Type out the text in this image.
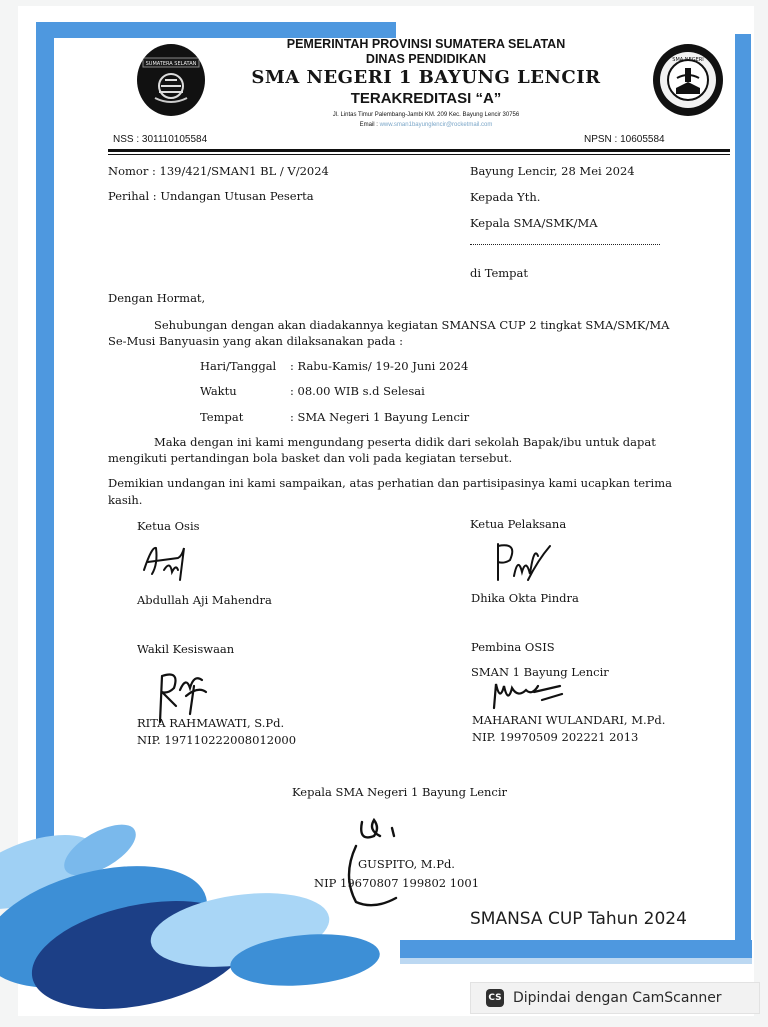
SUMATERA SELATAN
SMA NEGERI
PEMERINTAH PROVINSI SUMATERA SELATAN
DINAS PENDIDIKAN
SMA NEGERI 1 BAYUNG LENCIR
TERAKREDITASI “A”
Jl. Lintas Timur Palembang-Jambi KM. 209 Kec. Bayung Lencir 30756
Email : www.sman1bayunglencir@rocketmail.com
NSS : 301110105584	NPSN : 10605584
Nomor : 139/421/SMAN1 BL / V/2024
Perihal : Undangan Utusan Peserta
Bayung Lencir, 28 Mei 2024
Kepada Yth.
Kepala SMA/SMK/MA
di Tempat
Dengan Hormat,
Sehubungan dengan akan diadakannya kegiatan SMANSA CUP 2 tingkat SMA/SMK/MA
Se-Musi Banyuasin yang akan dilaksanakan pada :
Hari/Tanggal : Rabu-Kamis/ 19-20 Juni 2024
Waktu	: 08.00 WIB s.d Selesai
Tempat	: SMA Negeri 1 Bayung Lencir
Maka dengan ini kami mengundang peserta didik dari sekolah Bapak/ibu untuk dapat
mengikuti pertandingan bola basket dan voli pada kegiatan tersebut.
Demikian undangan ini kami sampaikan, atas perhatian dan partisipasinya kami ucapkan terima
kasih.
Ketua Osis
Abdullah Aji Mahendra
Ketua Pelaksana
Dhika Okta Pindra
Wakil Kesiswaan
RITA RAHMAWATI, S.Pd.
NIP. 197110222008012000
Pembina OSIS
SMAN 1 Bayung Lencir
MAHARANI WULANDARI, M.Pd.
NIP. 19970509 202221 2013
Kepala SMA Negeri 1 Bayung Lencir
GUSPITO, M.Pd.
NIP 19670807 199802 1001
SMANSA CUP Tahun 2024
CS Dipindai dengan CamScanner
